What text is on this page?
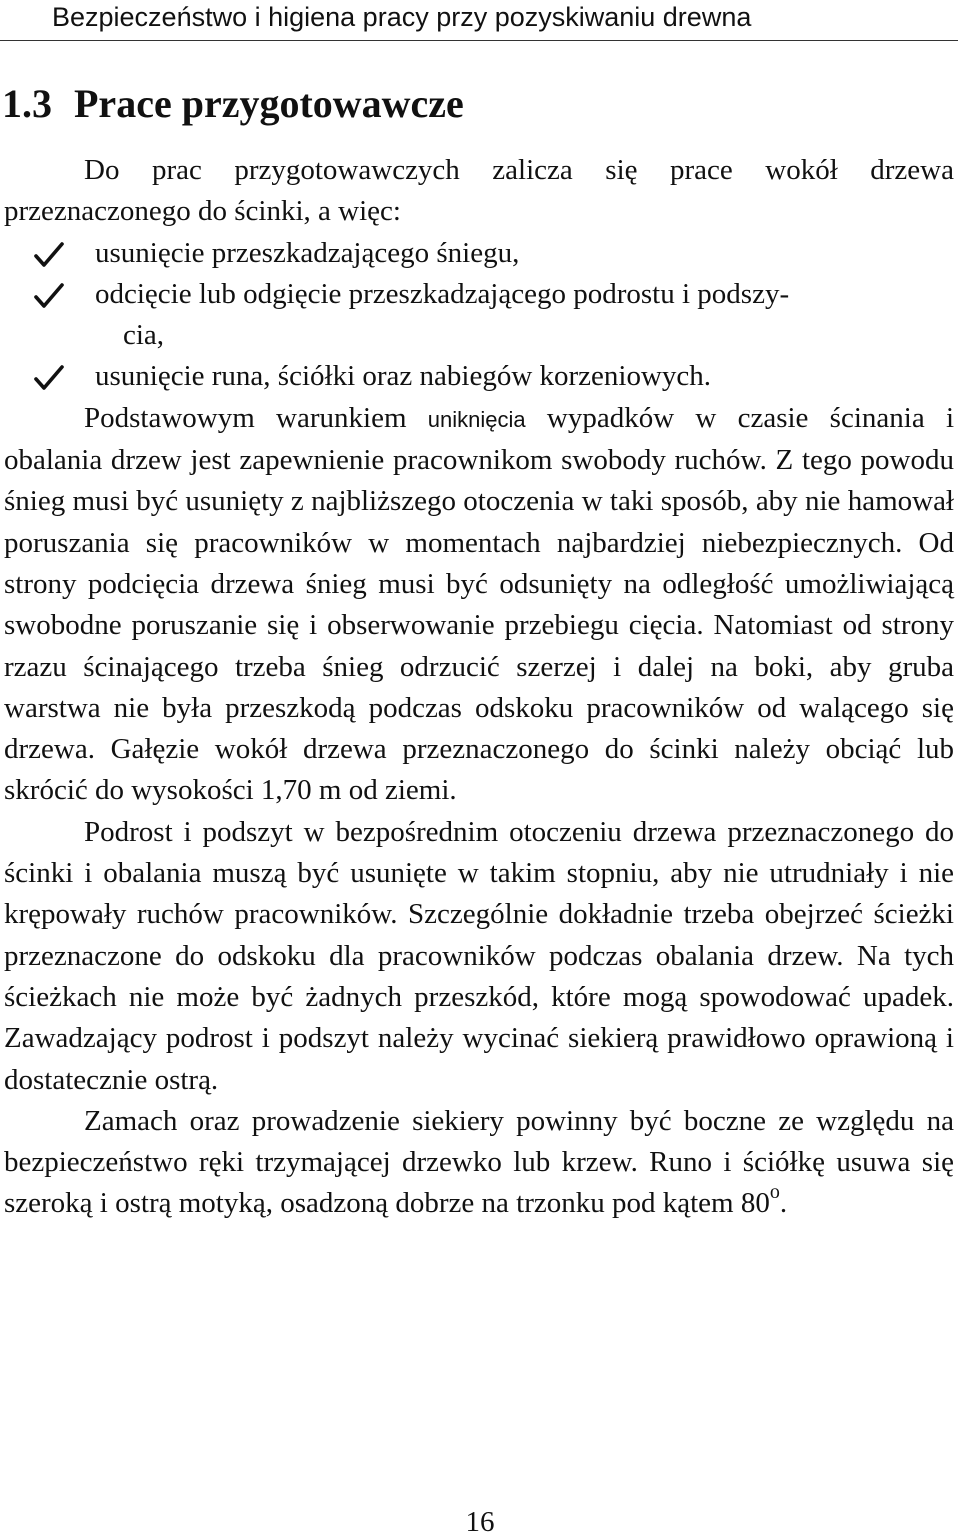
Bezpieczeństwo i higiena pracy przy pozyskiwaniu drewna
1.3 Prace przygotowawcze

Do prac przygotowawczych zalicza się prace wokół drzewa przeznaczonego do ścinki, a więc:

usunięcie przeszkadzającego śniegu,
odcięcie lub odgięcie przeszkadzającego podrostu i podszy-
cia,
usunięcie runa, ściółki oraz nabiegów korzeniowych.

Podstawowym warunkiem uniknięcia wypadków w czasie ścinania i obalania drzew jest zapewnienie pracownikom swobody ruchów. Z tego powodu śnieg musi być usunięty z najbliższego otoczenia w taki sposób, aby nie hamował poruszania się pracowników w momentach najbardziej niebezpiecznych. Od strony podcięcia drzewa śnieg musi być odsunięty na odległość umożliwiającą swobodne poruszanie się i obserwowanie przebiegu cięcia. Natomiast od strony rzazu ścinającego trzeba śnieg odrzucić szerzej i dalej na boki, aby gruba warstwa nie była przeszkodą podczas odskoku pracowników od walącego się drzewa. Gałęzie wokół drzewa przeznaczonego do ścinki należy obciąć lub skrócić do wysokości 1,70 m od ziemi.

Podrost i podszyt w bezpośrednim otoczeniu drzewa przeznaczonego do ścinki i obalania muszą być usunięte w takim stopniu, aby nie utrudniały i nie krępowały ruchów pracowników. Szczególnie dokładnie trzeba obejrzeć ścieżki przeznaczone do odskoku dla pracowników podczas obalania drzew. Na tych ścieżkach nie może być żadnych przeszkód, które mogą spowodować upadek. Zawadzający podrost i podszyt należy wycinać siekierą prawidłowo oprawioną i dostatecznie ostrą.

Zamach oraz prowadzenie siekiery powinny być boczne ze względu na bezpieczeństwo ręki trzymającej drzewko lub krzew. Runo i ściółkę usuwa się szeroką i ostrą motyką, osadzoną dobrze na trzonku pod kątem 80$^o$.

16
